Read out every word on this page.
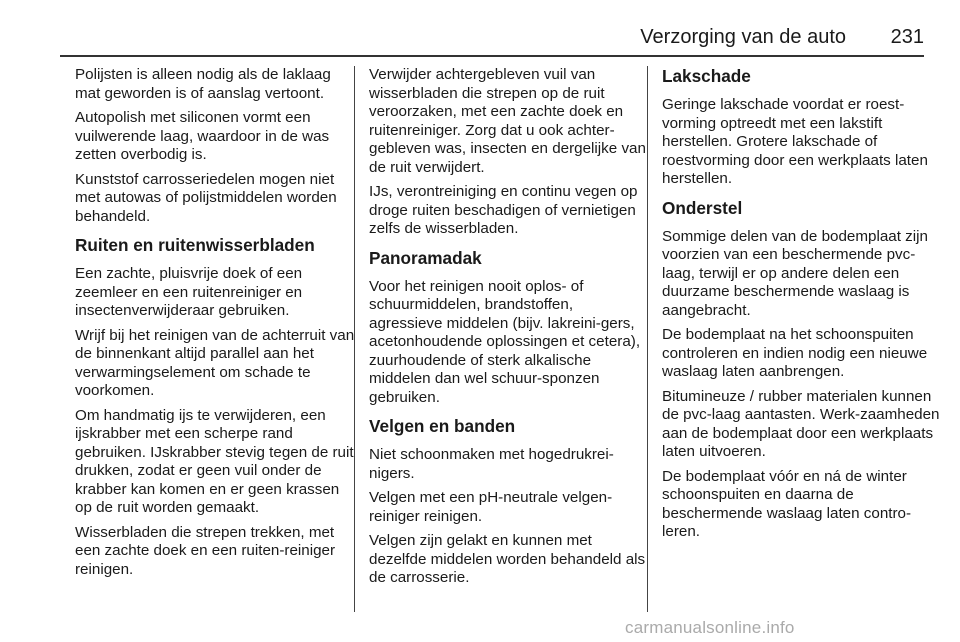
Verzorging van de auto 231

Polijsten is alleen nodig als de laklaag mat geworden is of aanslag vertoont.

Autopolish met siliconen vormt een vuilwerende laag, waardoor in de was zetten overbodig is.

Kunststof carrosseriedelen mogen niet met autowas of polijstmiddelen worden behandeld.

Ruiten en ruitenwisserbladen

Een zachte, pluisvrije doek of een zeemleer en een ruitenreiniger en insectenverwijderaar gebruiken.

Wrijf bij het reinigen van de achterruit van de binnenkant altijd parallel aan het verwarmingselement om schade te voorkomen.

Om handmatig ijs te verwijderen, een ijskrabber met een scherpe rand gebruiken. IJskrabber stevig tegen de ruit drukken, zodat er geen vuil onder de krabber kan komen en er geen krassen op de ruit worden gemaakt.

Wisserbladen die strepen trekken, met een zachte doek en een ruiten-reiniger reinigen.

Verwijder achtergebleven vuil van wisserbladen die strepen op de ruit veroorzaken, met een zachte doek en ruitenreiniger. Zorg dat u ook achter-gebleven was, insecten en dergelijke van de ruit verwijdert.

IJs, verontreiniging en continu vegen op droge ruiten beschadigen of vernietigen zelfs de wisserbladen.

Panoramadak

Voor het reinigen nooit oplos- of schuurmiddelen, brandstoffen, agressieve middelen (bijv. lakreini-gers, acetonhoudende oplossingen et cetera), zuurhoudende of sterk alkalische middelen dan wel schuur-sponzen gebruiken.

Velgen en banden

Niet schoonmaken met hogedrukrei-nigers.

Velgen met een pH-neutrale velgen-reiniger reinigen.

Velgen zijn gelakt en kunnen met dezelfde middelen worden behandeld als de carrosserie.

Lakschade

Geringe lakschade voordat er roest-vorming optreedt met een lakstift herstellen. Grotere lakschade of roestvorming door een werkplaats laten herstellen.

Onderstel

Sommige delen van de bodemplaat zijn voorzien van een beschermende pvc-laag, terwijl er op andere delen een duurzame beschermende waslaag is aangebracht.

De bodemplaat na het schoonspuiten controleren en indien nodig een nieuwe waslaag laten aanbrengen.

Bitumineuze / rubber materialen kunnen de pvc-laag aantasten. Werk-zaamheden aan de bodemplaat door een werkplaats laten uitvoeren.

De bodemplaat vóór en ná de winter schoonspuiten en daarna de beschermende waslaag laten contro-leren.

carmanualsonline.info
